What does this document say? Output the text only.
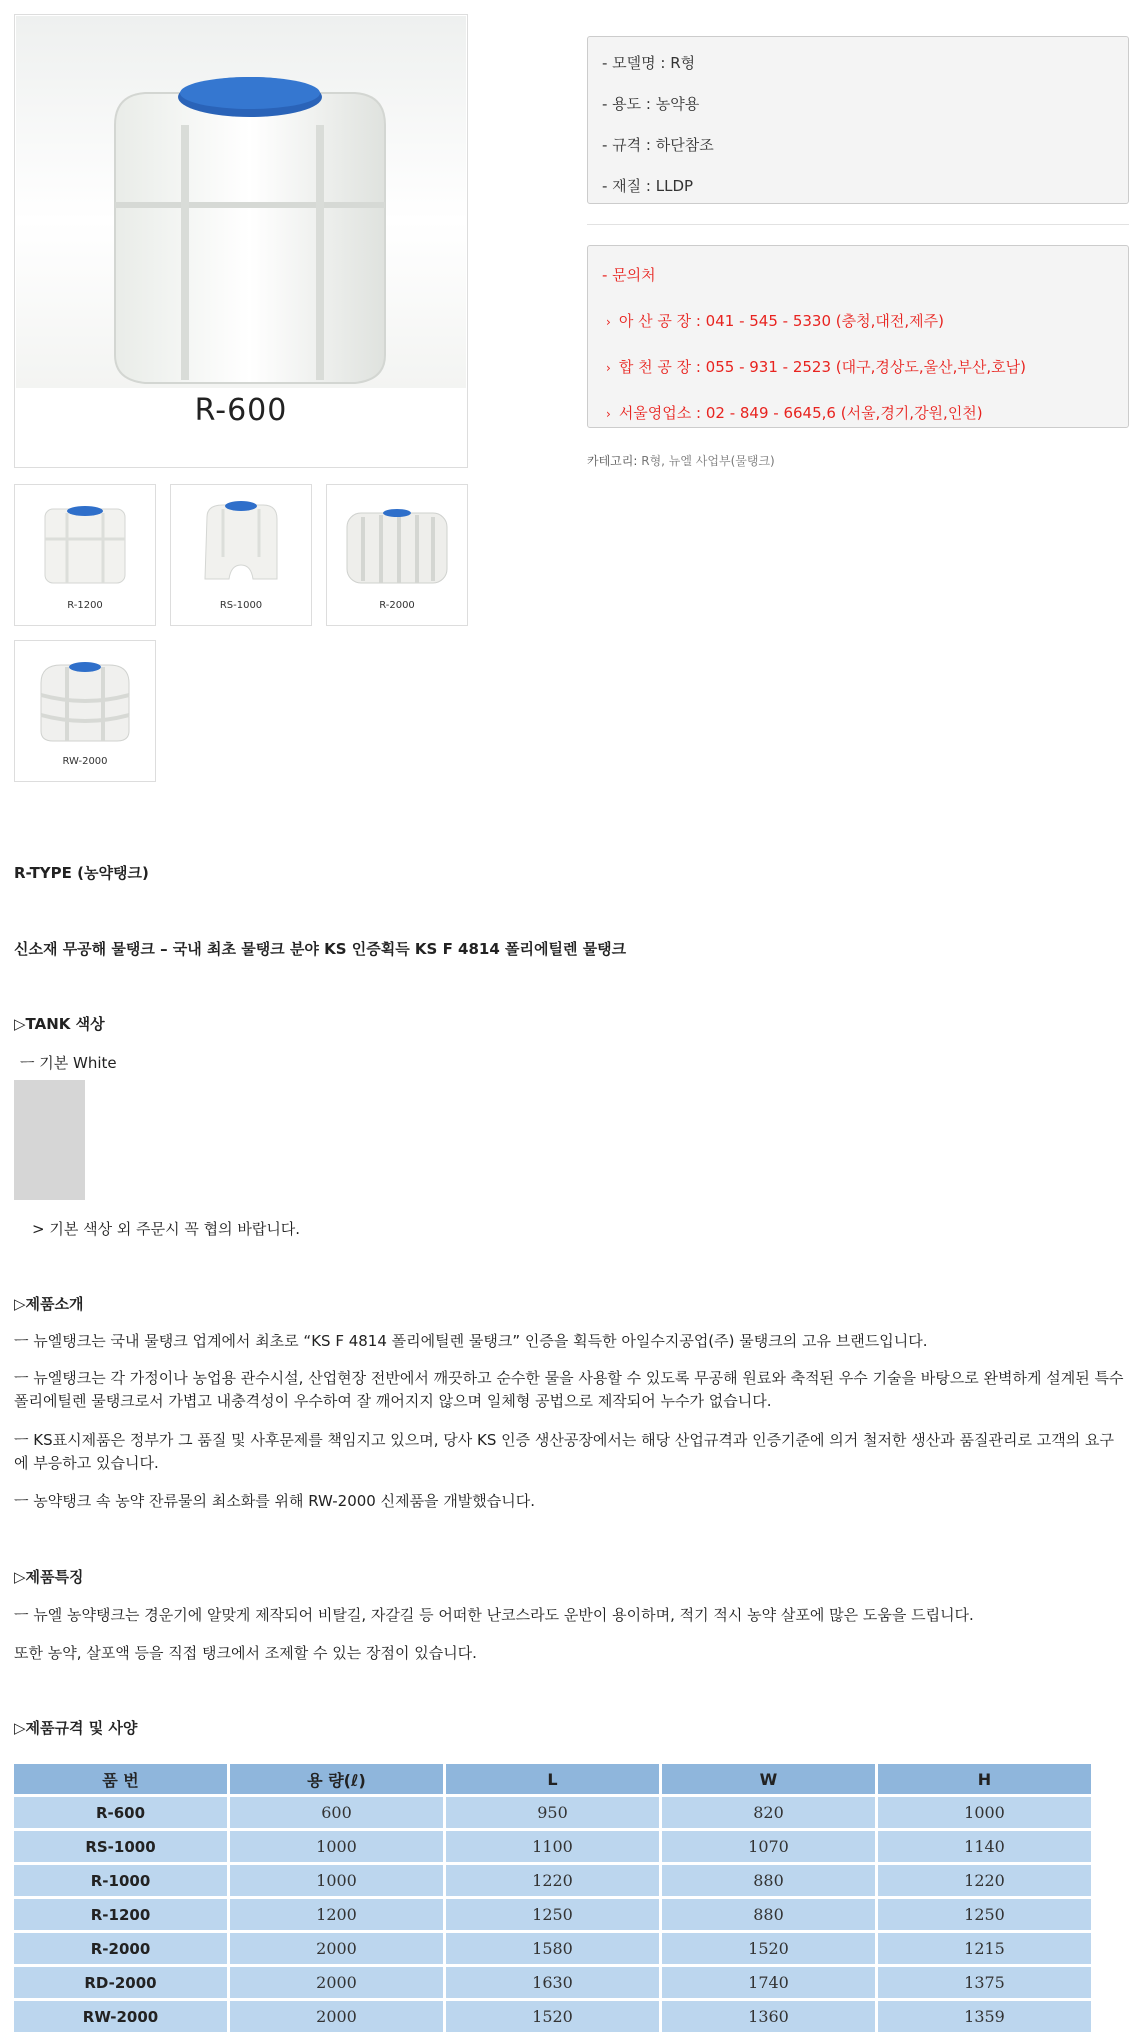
R-600
R-1200	RS-1000	R-2000
RW-2000
- 모델명 : R형
- 용도 : 농약용
- 규격 : 하단참조
- 재질 : LLDP
- 문의처
› 아 산 공 장 : 041 - 545 - 5330 (충청,대전,제주)
› 합 천 공 장 : 055 - 931 - 2523 (대구,경상도,울산,부산,호남)
› 서울영업소 : 02 - 849 - 6645,6 (서울,경기,강원,인천)
카테고리: R형, 뉴엘 사업부(물탱크)
R-TYPE (농약탱크)
신소재 무공해 물탱크 – 국내 최초 물탱크 분야 KS 인증획득 KS F 4814 폴리에틸렌 물탱크
▷TANK 색상
ㅡ 기본 White
> 기본 색상 외 주문시 꼭 협의 바랍니다.
▷제품소개
ㅡ 뉴엘탱크는 국내 물탱크 업계에서 최초로 “KS F 4814 폴리에틸렌 물탱크” 인증을 획득한 아일수지공업(주) 물탱크의 고유 브랜드입니다.
ㅡ 뉴엘탱크는 각 가정이나 농업용 관수시설, 산업현장 전반에서 깨끗하고 순수한 물을 사용할 수 있도록 무공해 원료와 축적된 우수 기술을 바탕으로 완벽하게 설계된 특수 폴리에틸렌 물탱크로서 가볍고 내충격성이 우수하여 잘 깨어지지 않으며 일체형 공법으로 제작되어 누수가 없습니다.
ㅡ KS표시제품은 정부가 그 품질 및 사후문제를 책임지고 있으며, 당사 KS 인증 생산공장에서는 해당 산업규격과 인증기준에 의거 철저한 생산과 품질관리로 고객의 요구에 부응하고 있습니다.
ㅡ 농약탱크 속 농약 잔류물의 최소화를 위해 RW-2000 신제품을 개발했습니다.
▷제품특징
ㅡ 뉴엘 농약탱크는 경운기에 알맞게 제작되어 비탈길, 자갈길 등 어떠한 난코스라도 운반이 용이하며, 적기 적시 농약 살포에 많은 도움을 드립니다.
또한 농약, 살포액 등을 직접 탱크에서 조제할 수 있는 장점이 있습니다.
▷제품규격 및 사양
품 번	용 량(ℓ)	L	W	H
R-600	600	950	820	1000
RS-1000	1000	1100	1070	1140
R-1000	1000	1220	880	1220
R-1200	1200	1250	880	1250
R-2000	2000	1580	1520	1215
RD-2000	2000	1630	1740	1375
RW-2000	2000	1520	1360	1359
